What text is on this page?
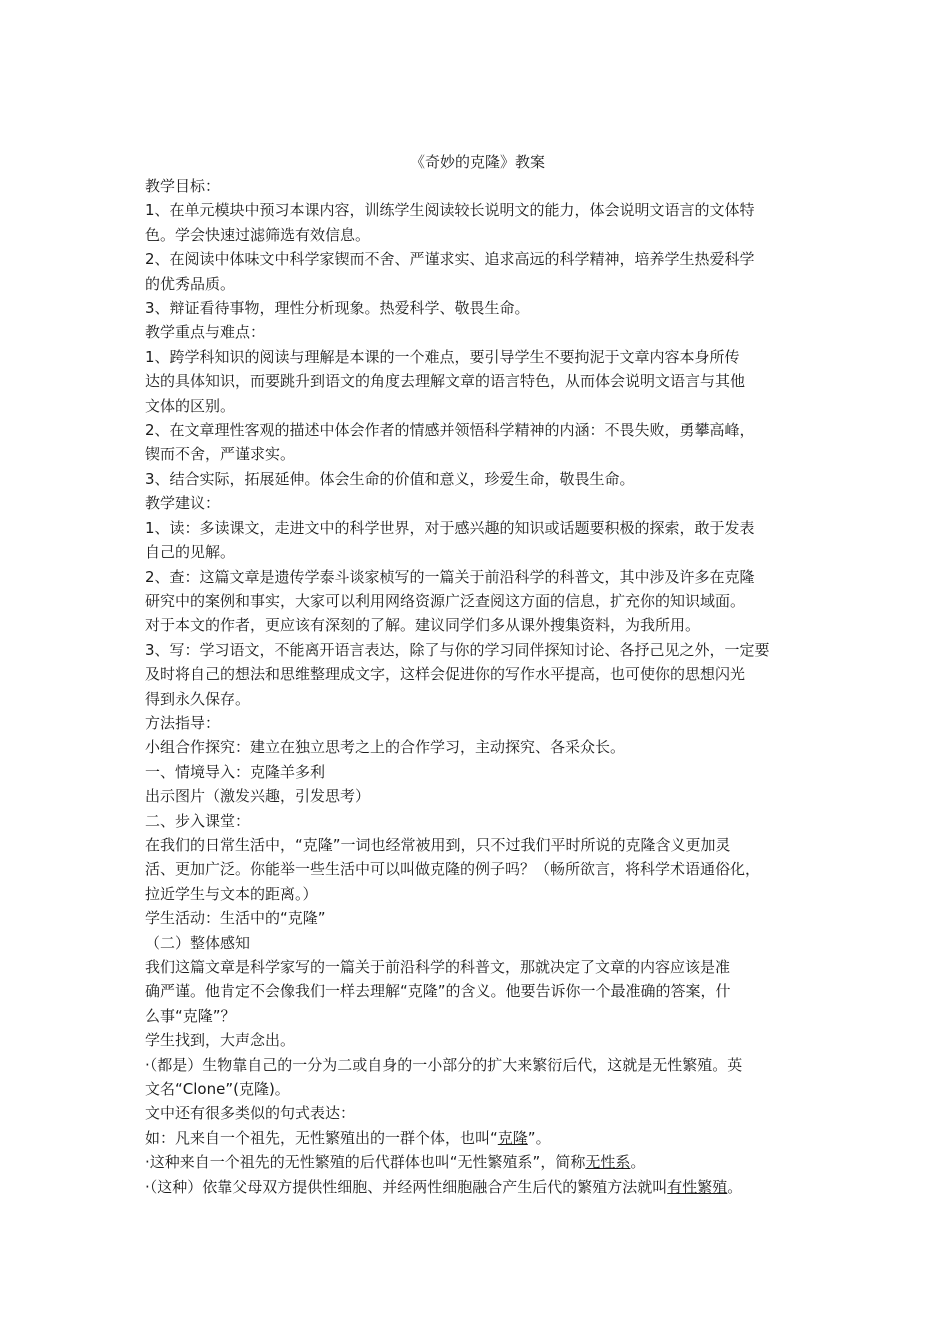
《奇妙的克隆》教案

教学目标：

1、在单元模块中预习本课内容，训练学生阅读较长说明文的能力，体会说明文语言的文体特

色。学会快速过滤筛选有效信息。

2、在阅读中体味文中科学家锲而不舍、严谨求实、追求高远的科学精神，培养学生热爱科学

的优秀品质。

3、辩证看待事物，理性分析现象。热爱科学、敬畏生命。

教学重点与难点：

1、跨学科知识的阅读与理解是本课的一个难点，要引导学生不要拘泥于文章内容本身所传

达的具体知识，而要跳升到语文的角度去理解文章的语言特色，从而体会说明文语言与其他

文体的区别。

2、在文章理性客观的描述中体会作者的情感并领悟科学精神的内涵：不畏失败，勇攀高峰，

锲而不舍，严谨求实。

3、结合实际，拓展延伸。体会生命的价值和意义，珍爱生命，敬畏生命。

教学建议：

1、读：多读课文，走进文中的科学世界，对于感兴趣的知识或话题要积极的探索，敢于发表

自己的见解。

2、查：这篇文章是遗传学泰斗谈家桢写的一篇关于前沿科学的科普文，其中涉及许多在克隆

研究中的案例和事实，大家可以利用网络资源广泛查阅这方面的信息，扩充你的知识域面。

对于本文的作者，更应该有深刻的了解。建议同学们多从课外搜集资料，为我所用。

3、写：学习语文，不能离开语言表达，除了与你的学习同伴探知讨论、各抒己见之外，一定要

及时将自己的想法和思维整理成文字，这样会促进你的写作水平提高，也可使你的思想闪光

得到永久保存。

方法指导：

小组合作探究：建立在独立思考之上的合作学习，主动探究、各采众长。

一、情境导入：克隆羊多利

出示图片（激发兴趣，引发思考）

二、步入课堂：

在我们的日常生活中，“克隆”一词也经常被用到，只不过我们平时所说的克隆含义更加灵

活、更加广泛。你能举一些生活中可以叫做克隆的例子吗？（畅所欲言，将科学术语通俗化，

拉近学生与文本的距离。）

学生活动：生活中的“克隆”

（二）整体感知

我们这篇文章是科学家写的一篇关于前沿科学的科普文，那就决定了文章的内容应该是准

确严谨。他肯定不会像我们一样去理解“克隆”的含义。他要告诉你一个最准确的答案，什

么事“克隆”？

学生找到，大声念出。

·（都是）生物靠自己的一分为二或自身的一小部分的扩大来繁衍后代，这就是无性繁殖。英

文名“Clone”(克隆)。

文中还有很多类似的句式表达：

如：凡来自一个祖先，无性繁殖出的一群个体，也叫“克隆”。

·这种来自一个祖先的无性繁殖的后代群体也叫“无性繁殖系”，简称无性系。

·（这种）依靠父母双方提供性细胞、并经两性细胞融合产生后代的繁殖方法就叫有性繁殖。
